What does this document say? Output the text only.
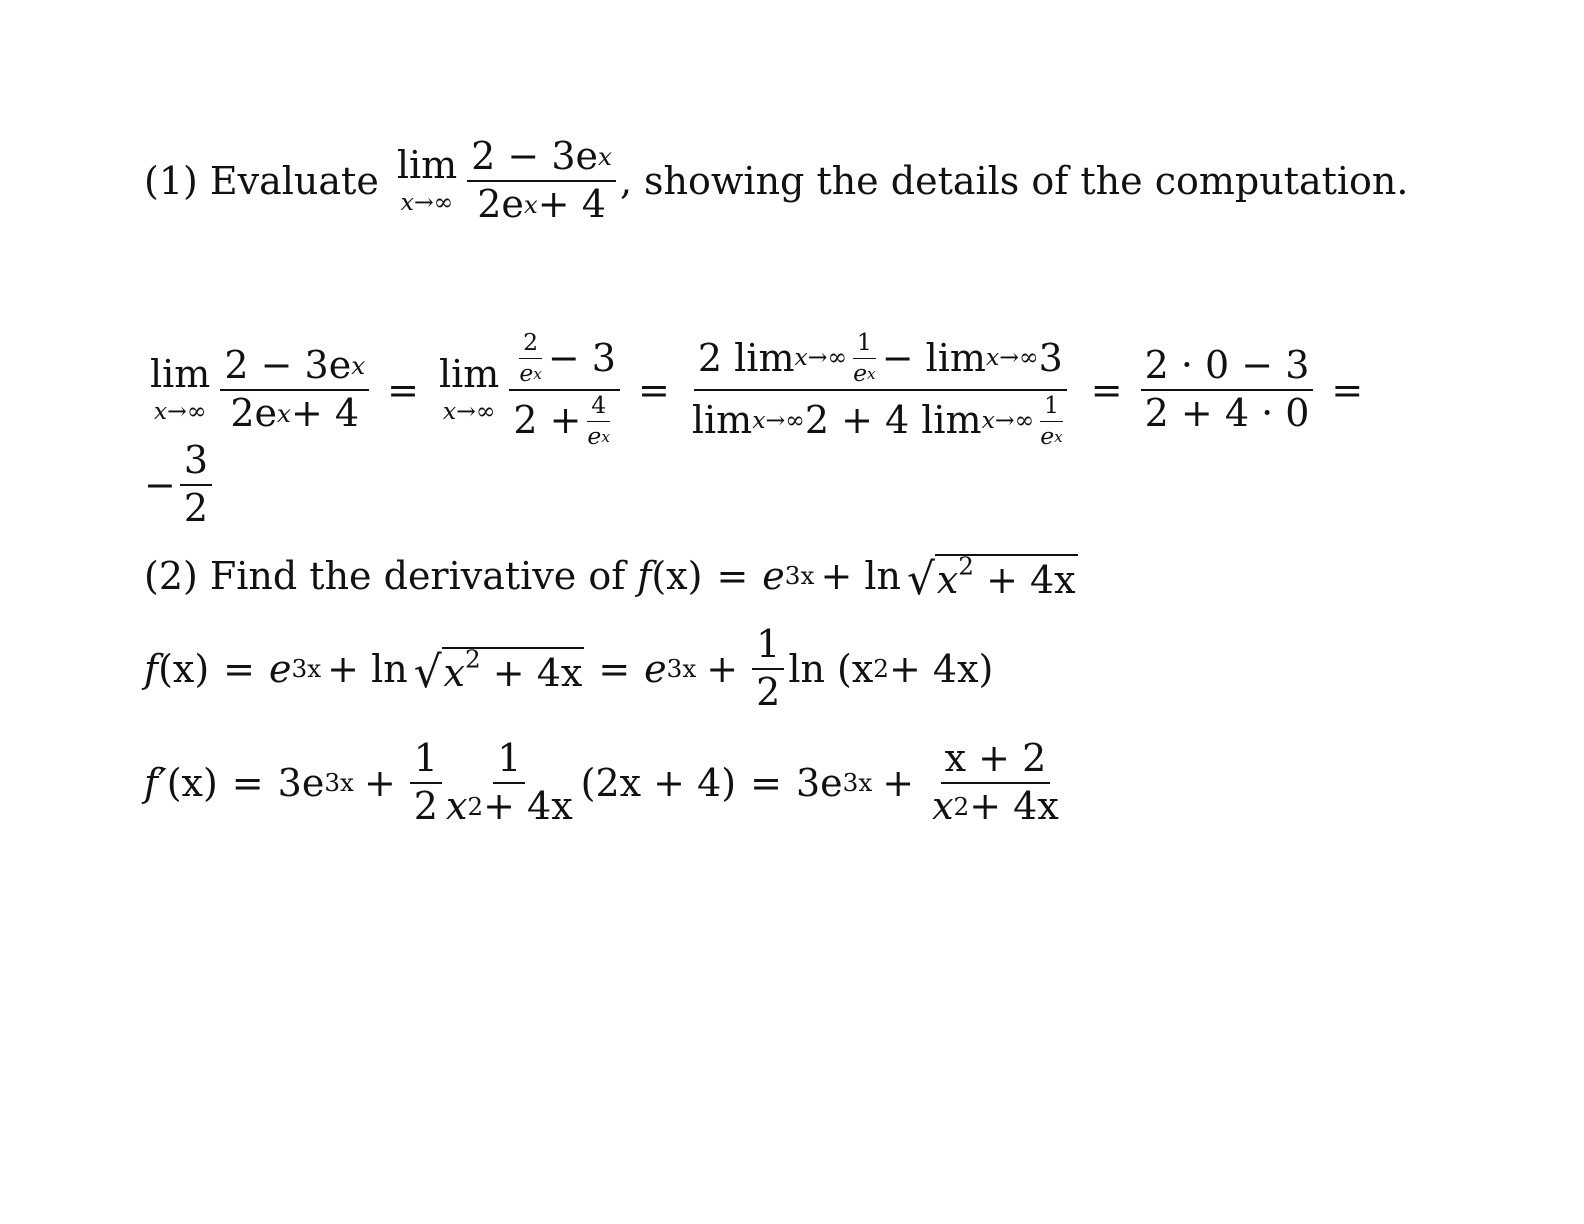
(1) Evaluate lim
$x\to\infty \frac{\text{2 − 3e x}}{\text{2e x + 4}}$ , showing the details of the computation.
lim
$x\to\infty \frac{\text{2 − 3e x}}{\text{2e x + 4}} = \lim$
$x\to\infty \frac{\frac{2}{\text{e x}} - 3}{2 + \frac{4}{\text{e x}}} = \frac{2 \lim x\to\infty \frac{1}{\text{e x}} - \lim x\to\infty 3}{\lim x\to\infty 2 + 4 \lim x\to\infty \frac{1}{\text{e x}}} = \frac{2 \cdot 0 - 3}{2 + 4 \cdot 0}$ =
− $\frac{3}{2}$
(2) Find the derivative of f (x) = e 3x + ln √ $x^2 + 4x$
f (x) = e 3x + ln √ $x^2 + 4x = e$ $3x + \frac{1}{2}$ ln (x 2 + 4x)
f′ (x) = 3e $3x + \frac{1}{2} \frac{1}{x 2 + 4x} (2x + 4) = 3e$ $3x + \frac{x + 2}{x 2 + 4x}$
